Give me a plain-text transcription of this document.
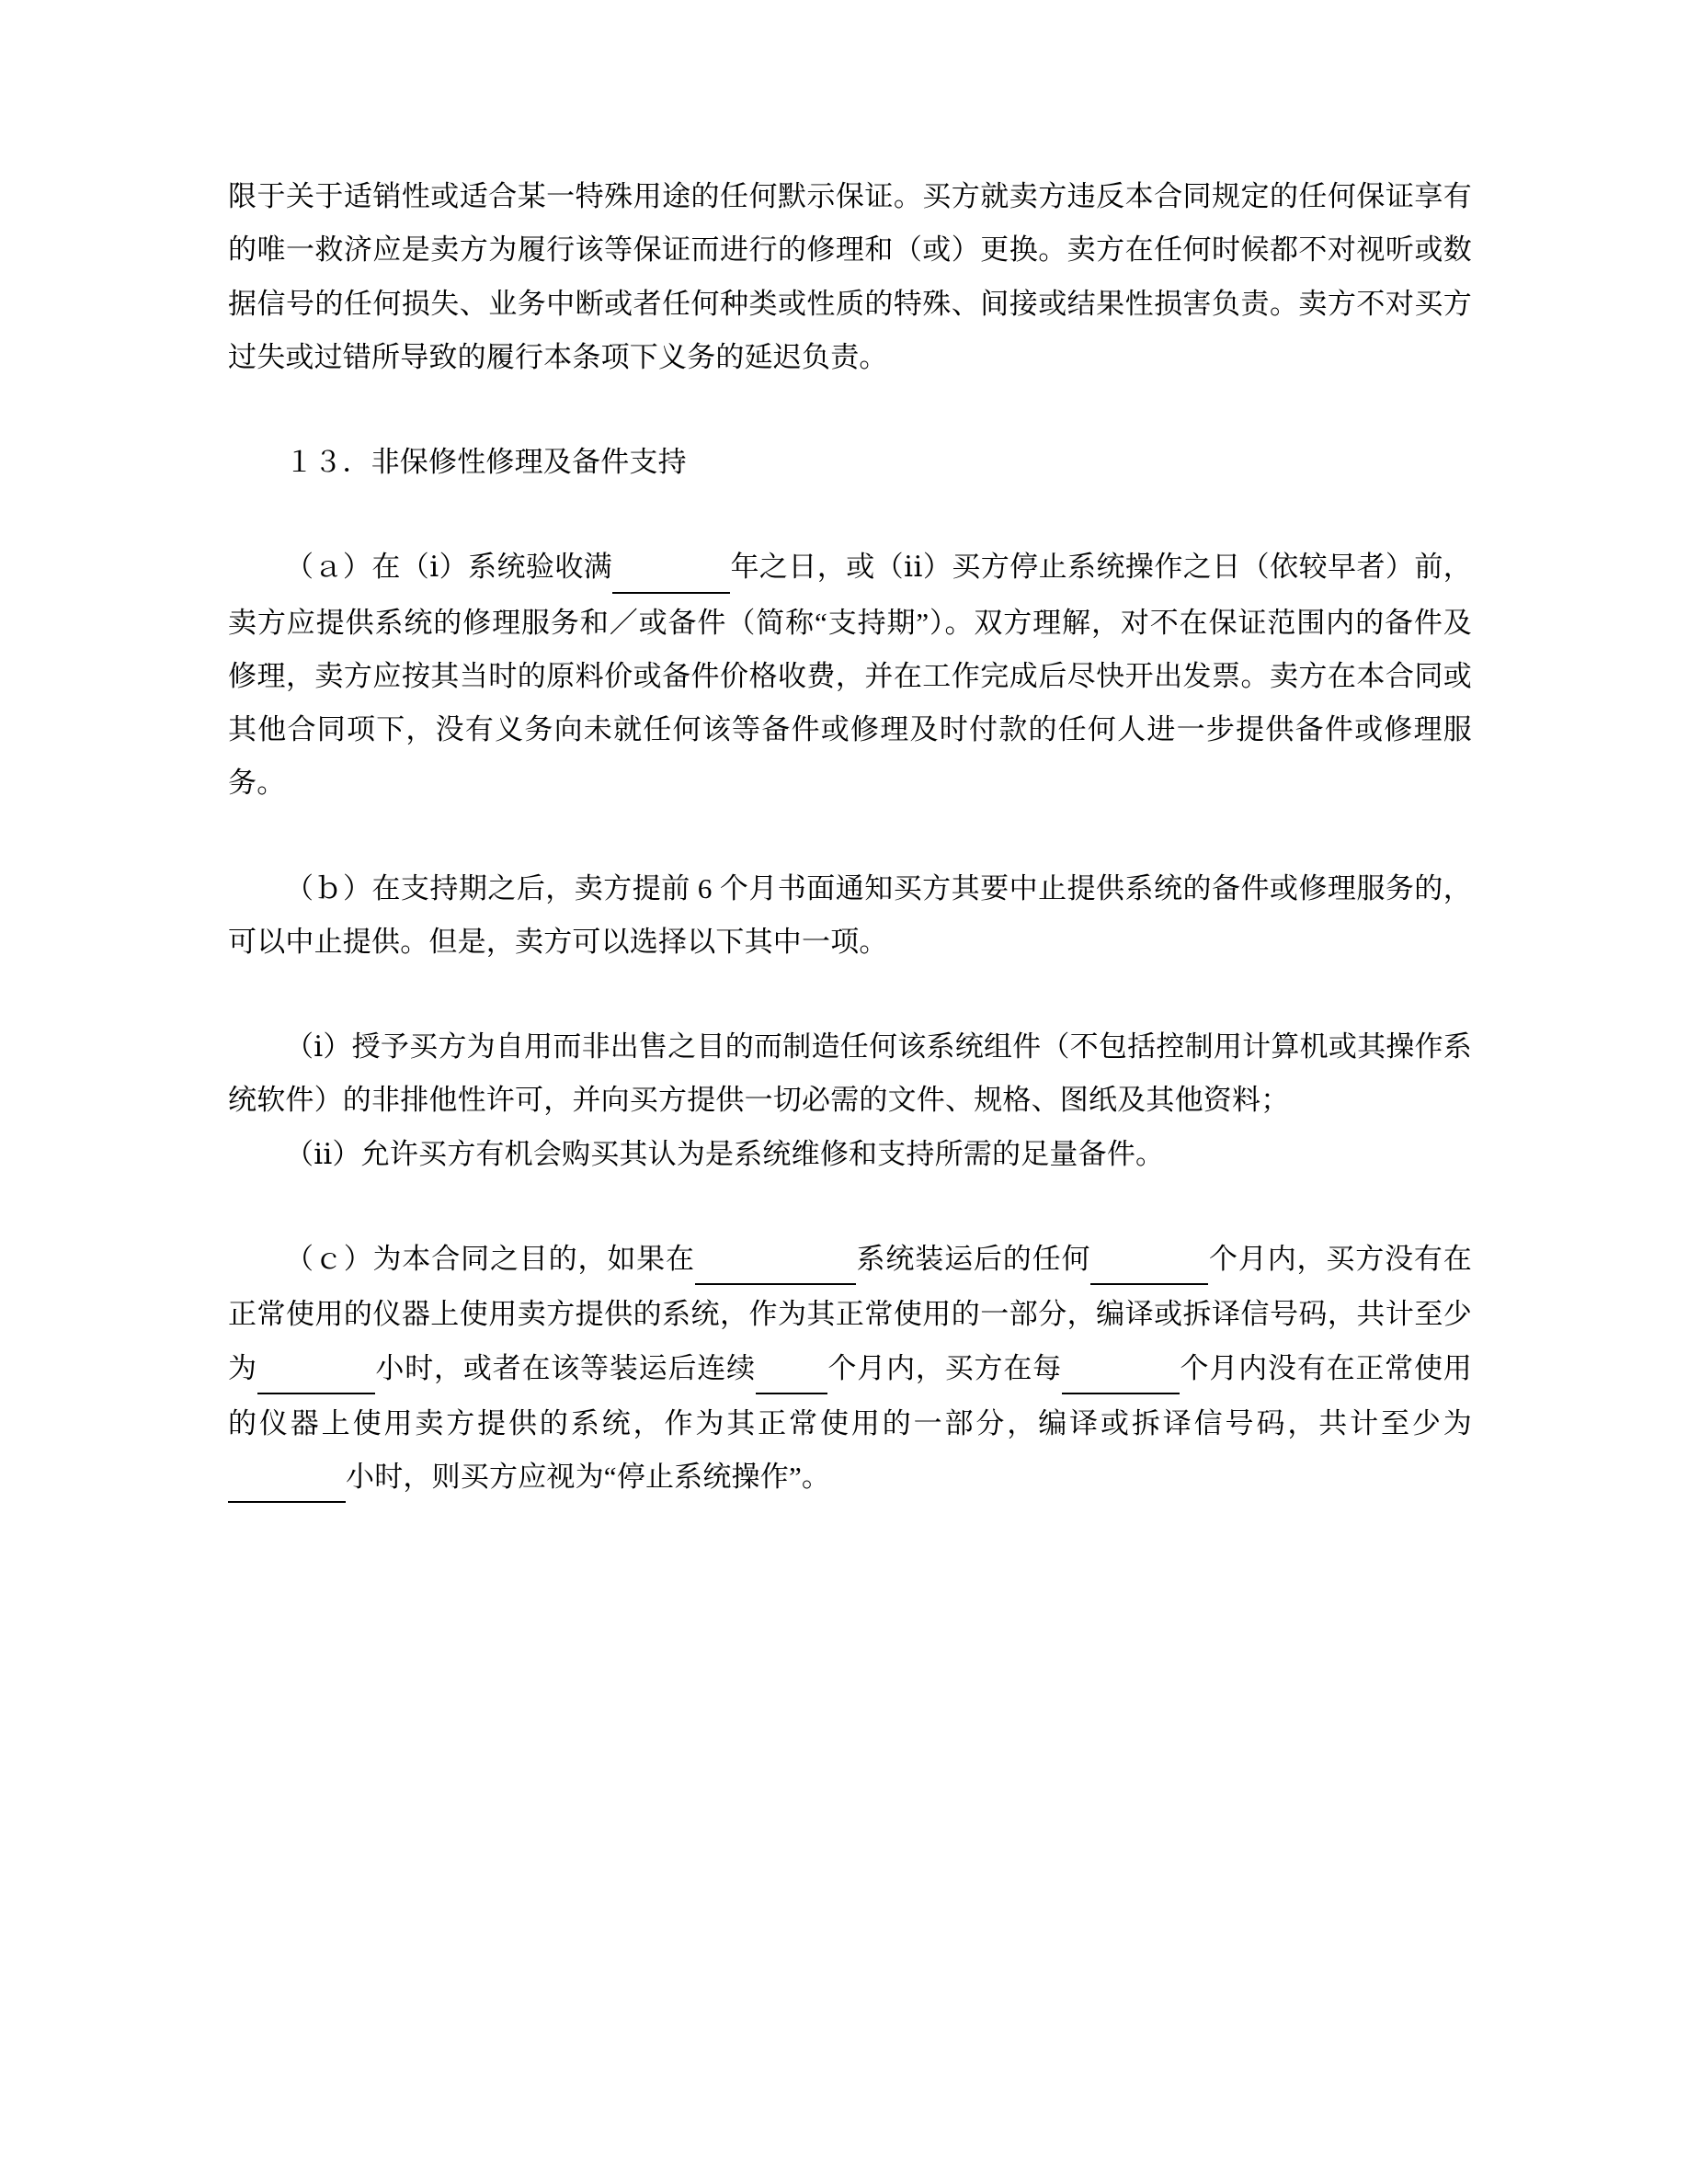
限于关于适销性或适合某一特殊用途的任何默示保证。买方就卖方违反本合同规定的任何保证享有的唯一救济应是卖方为履行该等保证而进行的修理和（或）更换。卖方在任何时候都不对视听或数据信号的任何损失、业务中断或者任何种类或性质的特殊、间接或结果性损害负责。卖方不对买方过失或过错所导致的履行本条项下义务的延迟负责。

１３．非保修性修理及备件支持

（ａ）在（ⅰ）系统验收满	年之日，或（ⅰⅰ）买方停止系统操作之日（依较早者）前，卖方应提供系统的修理服务和／或备件（简称“支持期”）。双方理解，对不在保证范围内的备件及修理，卖方应按其当时的原料价或备件价格收费，并在工作完成后尽快开出发票。卖方在本合同或其他合同项下，没有义务向未就任何该等备件或修理及时付款的任何人进一步提供备件或修理服务。

（ｂ）在支持期之后，卖方提前 6 个月书面通知买方其要中止提供系统的备件或修理服务的，可以中止提供。但是，卖方可以选择以下其中一项。

（ⅰ）授予买方为自用而非出售之目的而制造任何该系统组件（不包括控制用计算机或其操作系统软件）的非排他性许可，并向买方提供一切必需的文件、规格、图纸及其他资料；

（ⅰⅰ）允许买方有机会购买其认为是系统维修和支持所需的足量备件。

（ｃ）为本合同之目的，如果在	系统装运后的任何	个月内，买方没有在正常使用的仪器上使用卖方提供的系统，作为其正常使用的一部分，编译或拆译信号码，共计至少为	小时，或者在该等装运后连续	个月内，买方在每	个月内没有在正常使用的仪器上使用卖方提供的系统，作为其正常使用的一部分，编译或拆译信号码，共计至少为 小时，则买方应视为“停止系统操作”。
